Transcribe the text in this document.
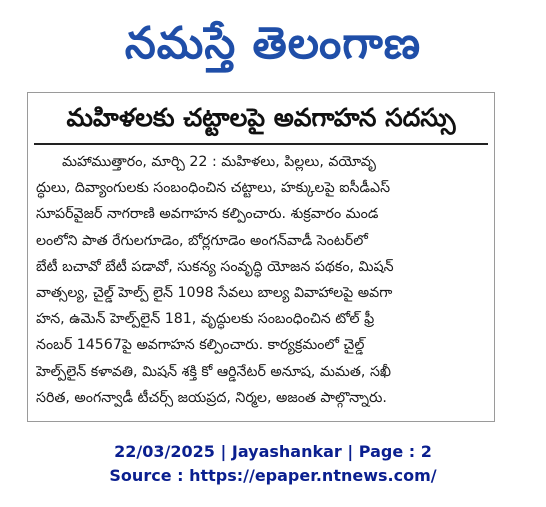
నమస్తే తెలంగాణ
మహిళలకు చట్టాలపై అవగాహన సదస్సు
మహాముత్తారం, మార్చి 22 : మహిళలు, పిల్లలు, వయోవృ
ద్ధులు, దివ్యాంగులకు సంబంధించిన చట్టాలు, హక్కులపై ఐసీడీఎస్
సూపర్‌వైజర్ నాగరాణి అవగాహన కల్పించారు. శుక్రవారం మండ
లంలోని పాత రేగులగూడెం, బోర్లగూడెం అంగన్‌వాడీ సెంటర్‌లో
బేటీ బచావో బేటీ పడావో, సుకన్య సంవృద్ధి యోజన పథకం, మిషన్
వాత్సల్య, చైల్డ్ హెల్ప్ లైన్ 1098 సేవలు బాల్య వివాహాలపై అవగా
హన, ఉమెన్ హెల్ప్‌లైన్ 181, వృద్ధులకు సంబంధించిన టోల్ ఫ్రీ
నంబర్ 14567పై అవగాహన కల్పించారు. కార్యక్రమంలో చైల్డ్
హెల్ప్‌లైన్ కళావతి, మిషన్ శక్తి కో ఆర్డినేటర్ అనూష, మమత, సఖీ
సరిత, అంగన్వాడీ టీచర్స్ జయప్రద, నిర్మల, అజంత పాల్గొన్నారు.
22/03/2025 | Jayashankar | Page : 2
Source : https://epaper.ntnews.com/
